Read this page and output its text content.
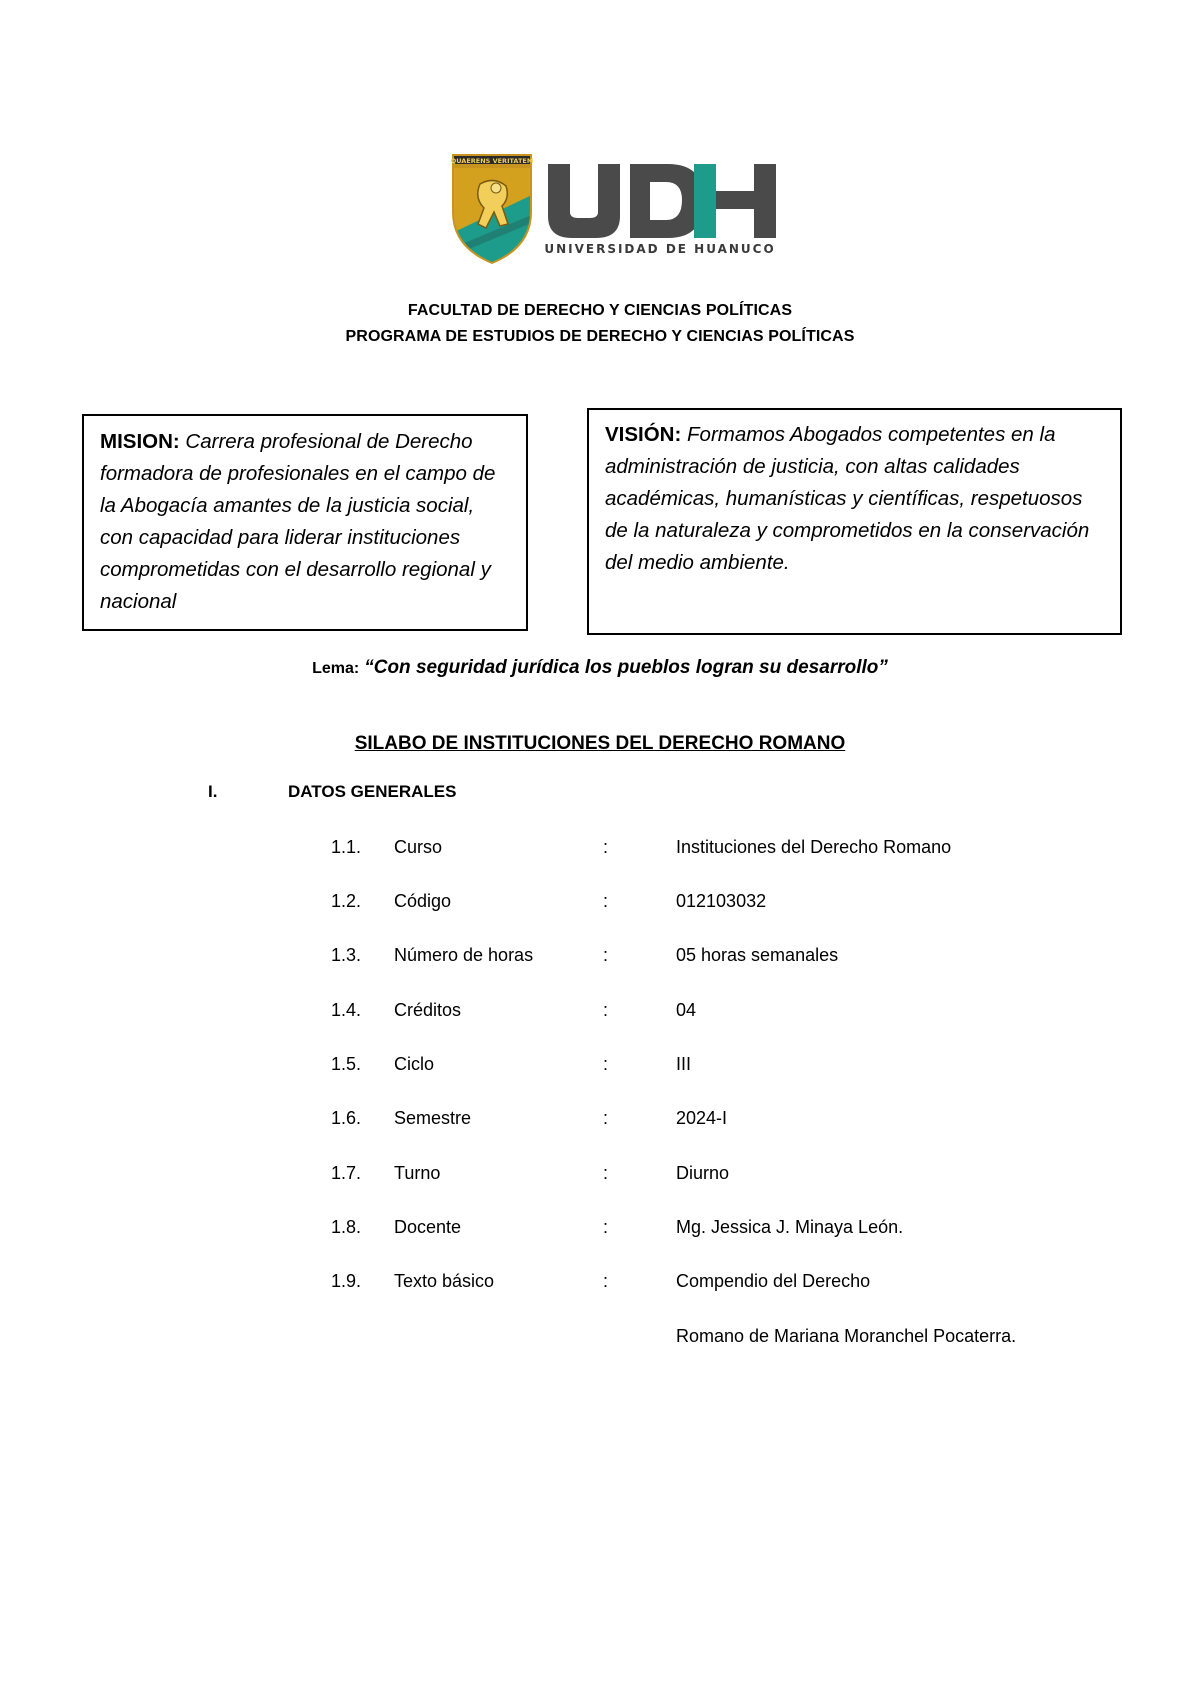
QUAERENS VERITATEM
UNIVERSIDAD DE HUANUCO
FACULTAD DE DERECHO Y CIENCIAS POLÍTICAS
PROGRAMA DE ESTUDIOS DE DERECHO Y CIENCIAS POLÍTICAS
MISION: Carrera profesional de Derecho formadora de profesionales en el campo de la Abogacía amantes de la justicia social, con capacidad para liderar instituciones comprometidas con el desarrollo regional y nacional
VISIÓN: Formamos Abogados competentes en la administración de justicia, con altas calidades académicas, humanísticas y científicas, respetuosos de la naturaleza y comprometidos en la conservación del medio ambiente.
Lema: “Con seguridad jurídica los pueblos logran su desarrollo”
SILABO DE INSTITUCIONES DEL DERECHO ROMANO
I.	DATOS GENERALES
1.1. Curso	:	Instituciones del Derecho Romano
1.2. Código	:	012103032
1.3. Número de horas	:	05 horas semanales
1.4. Créditos	:	04
1.5. Ciclo	:	III
1.6. Semestre	:	2024-I
1.7. Turno	:	Diurno
1.8. Docente	:	Mg. Jessica J. Minaya León.
1.9. Texto básico	:	Compendio del Derecho
Romano de Mariana Moranchel Pocaterra.
